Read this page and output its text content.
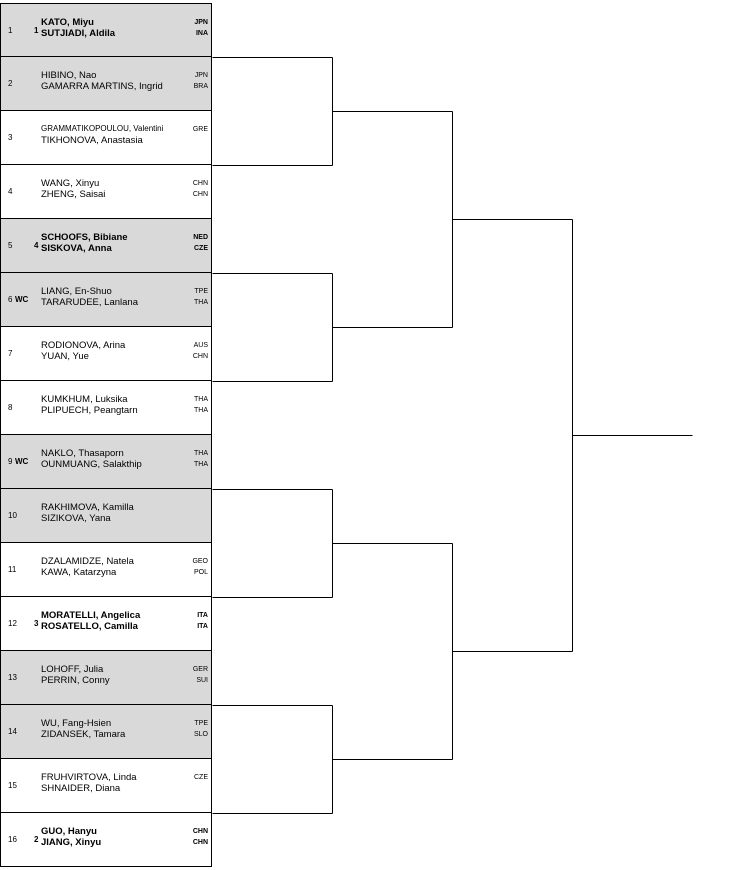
1	1
KATO, Miyu	JPN
SUTJIADI, Aldila	INA
2
HIBINO, Nao	JPN
GAMARRA MARTINS, Ingrid	BRA
3
GRAMMATIKOPOULOU, Valentini	GRE
TIKHONOVA, Anastasia
4
WANG, Xinyu	CHN
ZHENG, Saisai	CHN
5	4
SCHOOFS, Bibiane	NED
SISKOVA, Anna	CZE
6 WC
LIANG, En-Shuo	TPE
TARARUDEE, Lanlana	THA
7
RODIONOVA, Arina	AUS
YUAN, Yue	CHN
8
KUMKHUM, Luksika	THA
PLIPUECH, Peangtarn	THA
9 WC
NAKLO, Thasaporn	THA
OUNMUANG, Salakthip	THA
10
RAKHIMOVA, Kamilla
SIZIKOVA, Yana
11
DZALAMIDZE, Natela	GEO
KAWA, Katarzyna	POL
12 3
MORATELLI, Angelica	ITA
ROSATELLO, Camilla	ITA
13
LOHOFF, Julia	GER
PERRIN, Conny	SUI
14
WU, Fang-Hsien	TPE
ZIDANSEK, Tamara	SLO
15
FRUHVIRTOVA, Linda	CZE
SHNAIDER, Diana
16 2
GUO, Hanyu	CHN
JIANG, Xinyu	CHN
